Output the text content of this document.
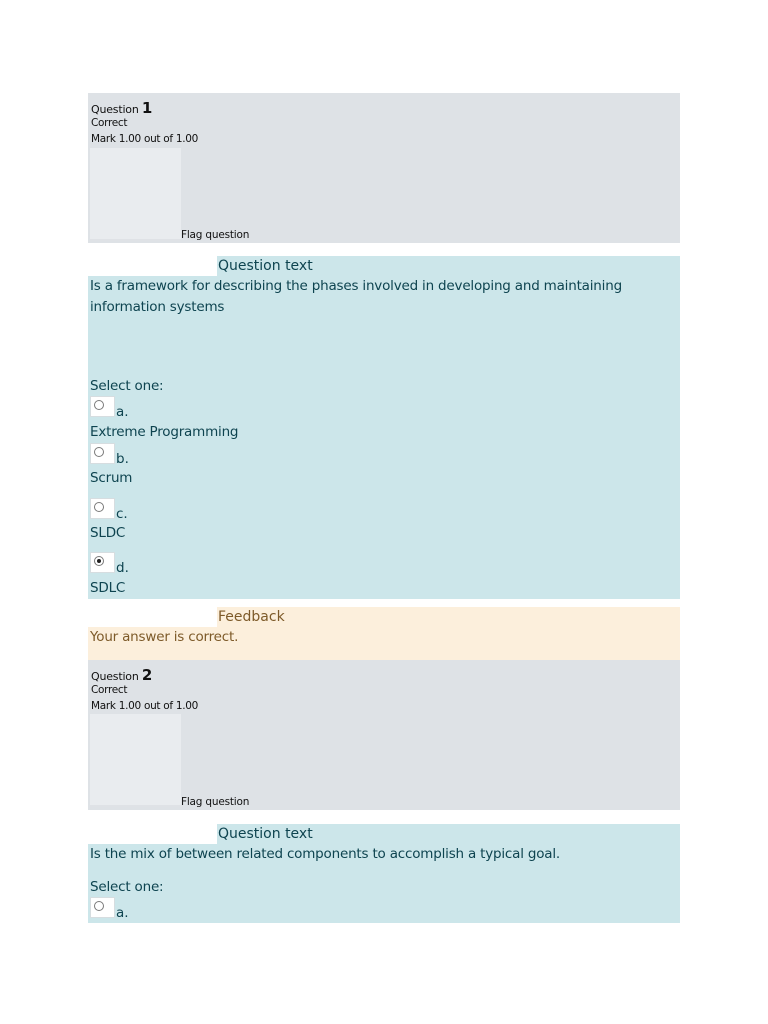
Question 1
Correct
Mark 1.00 out of 1.00
Flag question
Question text
Is a framework for describing the phases involved in developing and maintaining
information systems
Select one:
a.
Extreme Programming
b.
Scrum
c.
SLDC
d.
SDLC
Feedback
Your answer is correct.
Question 2
Correct
Mark 1.00 out of 1.00
Flag question
Question text
Is the mix of between related components to accomplish a typical goal.
Select one:
a.
